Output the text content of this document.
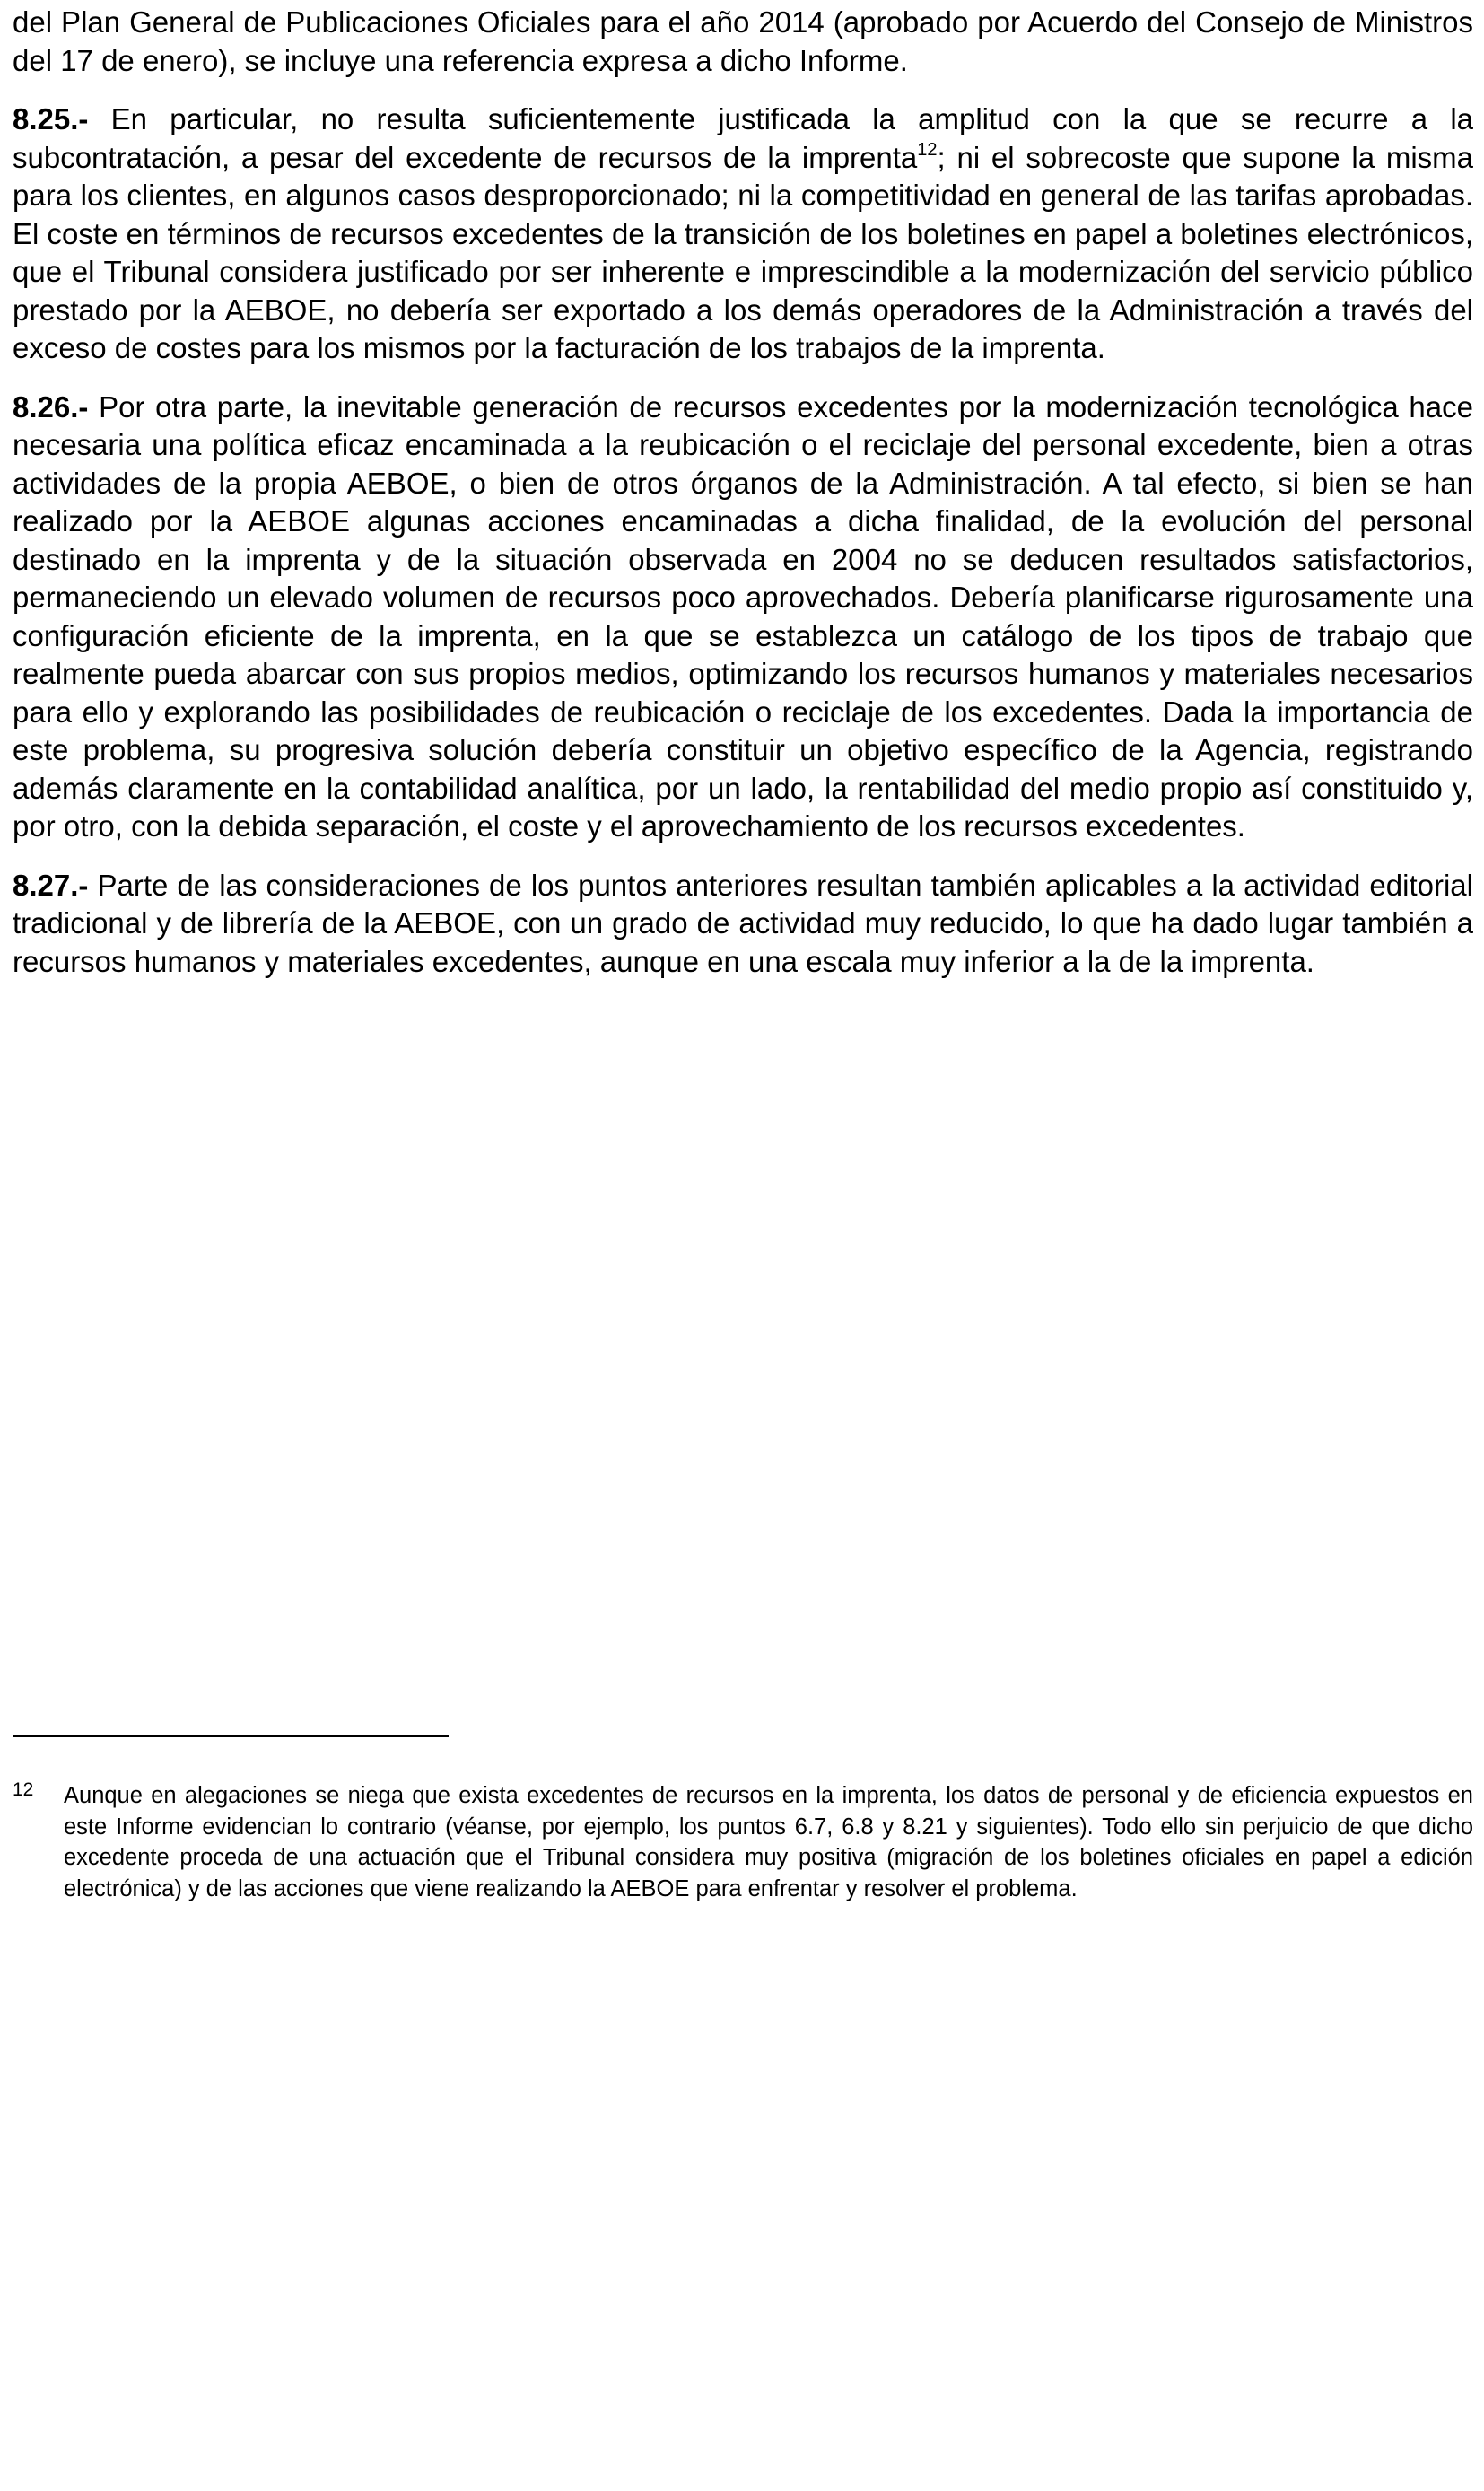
del Plan General de Publicaciones Oficiales para el año 2014 (aprobado por Acuerdo del Consejo de Ministros del 17 de enero), se incluye una referencia expresa a dicho Informe.

8.25.- En particular, no resulta suficientemente justificada la amplitud con la que se recurre a la subcontratación, a pesar del excedente de recursos de la imprenta$^{12}$; ni el sobrecoste que supone la misma para los clientes, en algunos casos desproporcionado; ni la competitividad en general de las tarifas aprobadas. El coste en términos de recursos excedentes de la transición de los boletines en papel a boletines electrónicos, que el Tribunal considera justificado por ser inherente e imprescindible a la modernización del servicio público prestado por la AEBOE, no debería ser exportado a los demás operadores de la Administración a través del exceso de costes para los mismos por la facturación de los trabajos de la imprenta.

8.26.- Por otra parte, la inevitable generación de recursos excedentes por la modernización tecnológica hace necesaria una política eficaz encaminada a la reubicación o el reciclaje del personal excedente, bien a otras actividades de la propia AEBOE, o bien de otros órganos de la Administración. A tal efecto, si bien se han realizado por la AEBOE algunas acciones encaminadas a dicha finalidad, de la evolución del personal destinado en la imprenta y de la situación observada en 2004 no se deducen resultados satisfactorios, permaneciendo un elevado volumen de recursos poco aprovechados. Debería planificarse rigurosamente una configuración eficiente de la imprenta, en la que se establezca un catálogo de los tipos de trabajo que realmente pueda abarcar con sus propios medios, optimizando los recursos humanos y materiales necesarios para ello y explorando las posibilidades de reubicación o reciclaje de los excedentes. Dada la importancia de este problema, su progresiva solución debería constituir un objetivo específico de la Agencia, registrando además claramente en la contabilidad analítica, por un lado, la rentabilidad del medio propio así constituido y, por otro, con la debida separación, el coste y el aprovechamiento de los recursos excedentes.

8.27.- Parte de las consideraciones de los puntos anteriores resultan también aplicables a la actividad editorial tradicional y de librería de la AEBOE, con un grado de actividad muy reducido, lo que ha dado lugar también a recursos humanos y materiales excedentes, aunque en una escala muy inferior a la de la imprenta.

12 Aunque en alegaciones se niega que exista excedentes de recursos en la imprenta, los datos de personal y de eficiencia expuestos en este Informe evidencian lo contrario (véanse, por ejemplo, los puntos 6.7, 6.8 y 8.21 y siguientes). Todo ello sin perjuicio de que dicho excedente proceda de una actuación que el Tribunal considera muy positiva (migración de los boletines oficiales en papel a edición electrónica) y de las acciones que viene realizando la AEBOE para enfrentar y resolver el problema.
